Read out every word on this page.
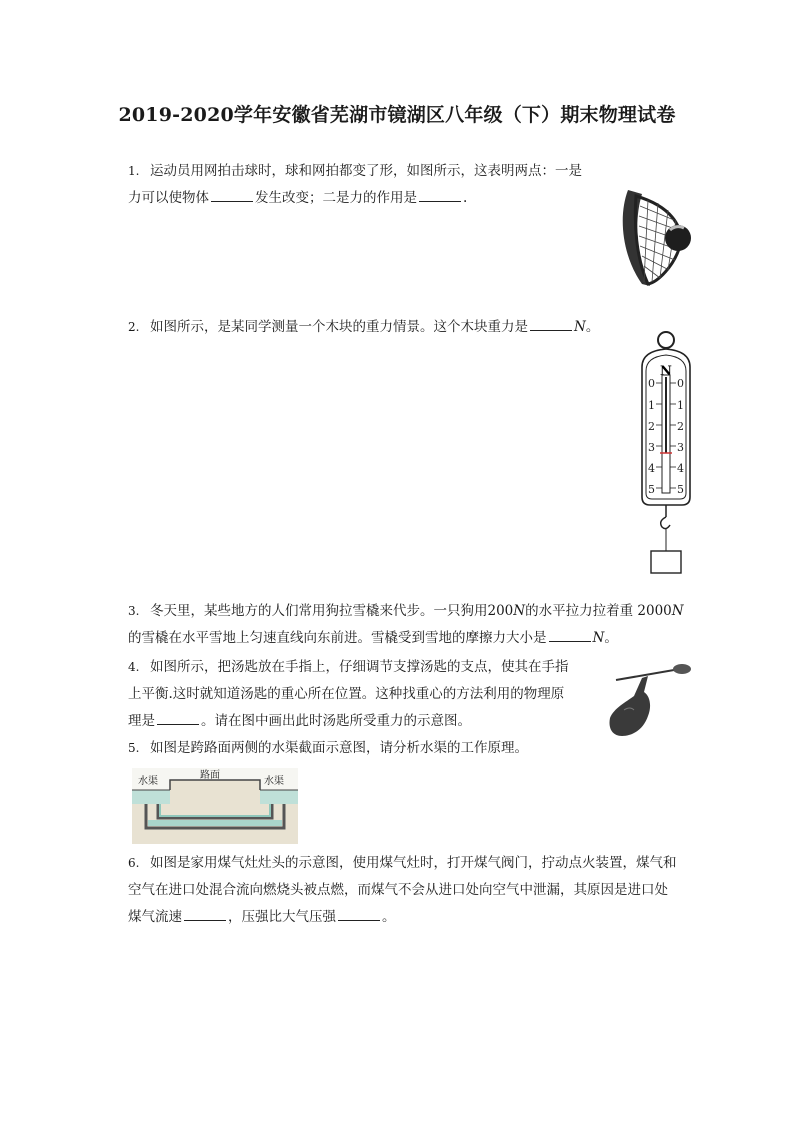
2019-2020学年安徽省芜湖市镜湖区八年级（下）期末物理试卷
1. 运动员用网拍击球时，球和网拍都变了形，如图所示，这表明两点：一是
力可以使物体	发生改变；二是力的作用是	.
2. 如图所示，是某同学测量一个木块的重力情景。这个木块重力是	N。
N
0 0
1 1
2 2
3 3
4 4
5 5
3. 冬天里，某些地方的人们常用狗拉雪橇来代步。一只狗用200N的水平拉力拉着重 2000N
的雪橇在水平雪地上匀速直线向东前进。雪橇受到雪地的摩擦力大小是	N。
4. 如图所示，把汤匙放在手指上，仔细调节支撑汤匙的支点，使其在手指
上平衡.这时就知道汤匙的重心所在位置。这种找重心的方法利用的物理原
理是	。请在图中画出此时汤匙所受重力的示意图。
5. 如图是跨路面两侧的水渠截面示意图，请分析水渠的工作原理。
水渠
路面
水渠
6. 如图是家用煤气灶灶头的示意图，使用煤气灶时，打开煤气阀门，拧动点火装置，煤气和
空气在进口处混合流向燃烧头被点燃，而煤气不会从进口处向空气中泄漏，其原因是进口处
煤气流速	，压强比大气压强	。
